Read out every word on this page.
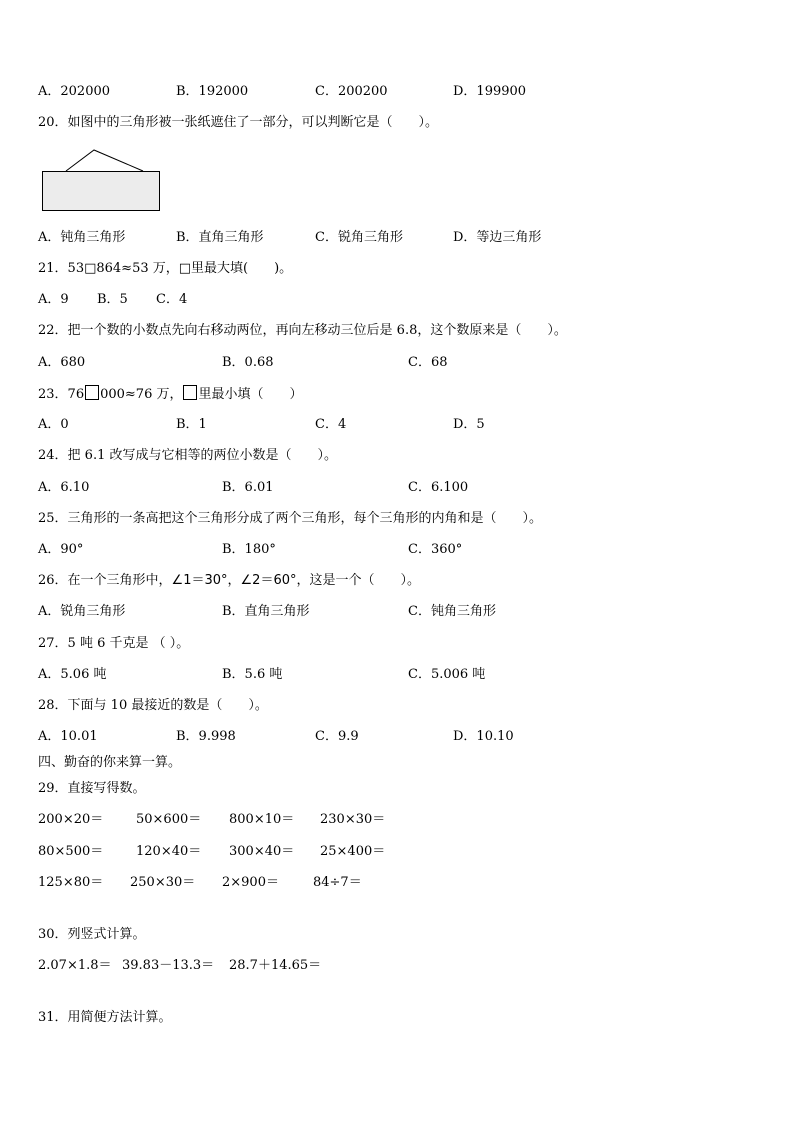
A．202000	B．192000	C．200200	D．199900
20．如图中的三角形被一张纸遮住了一部分，可以判断它是（　　）。
A．钝角三角形	B．直角三角形	C．锐角三角形	D．等边三角形
21．53□864≈53 万，□里最大填(　　)。
A．9 B．5 C．4
22．把一个数的小数点先向右移动两位，再向左移动三位后是 6.8，这个数原来是（　　）。
A．680	B．0.68	C．68
23．76 000≈76 万， 里最小填（　　）
A．0	B．1	C．4	D．5
24．把 6.1 改写成与它相等的两位小数是（　　）。
A．6.10	B．6.01	C．6.100
25．三角形的一条高把这个三角形分成了两个三角形，每个三角形的内角和是（　　）。
A．90°	B．180°	C．360°
26．在一个三角形中，∠1＝30°，∠2＝60°，这是一个（　　）。
A．锐角三角形	B．直角三角形	C．钝角三角形
27．5 吨 6 千克是 （ ）。
A．5.06 吨	B．5.6 吨	C．5.006 吨
28．下面与 10 最接近的数是（　　）。
A．10.01	B．9.998	C．9.9	D．10.10
四、勤奋的你来算一算。
29．直接写得数。
200×20＝	50×600＝ 800×10＝ 230×30＝
80×500＝	120×40＝ 300×40＝ 25×400＝
125×80＝ 250×30＝ 2×900＝	84÷7＝
30．列竖式计算。
2.07×1.8＝ 39.83－13.3＝ 28.7＋14.65＝
31．用简便方法计算。
